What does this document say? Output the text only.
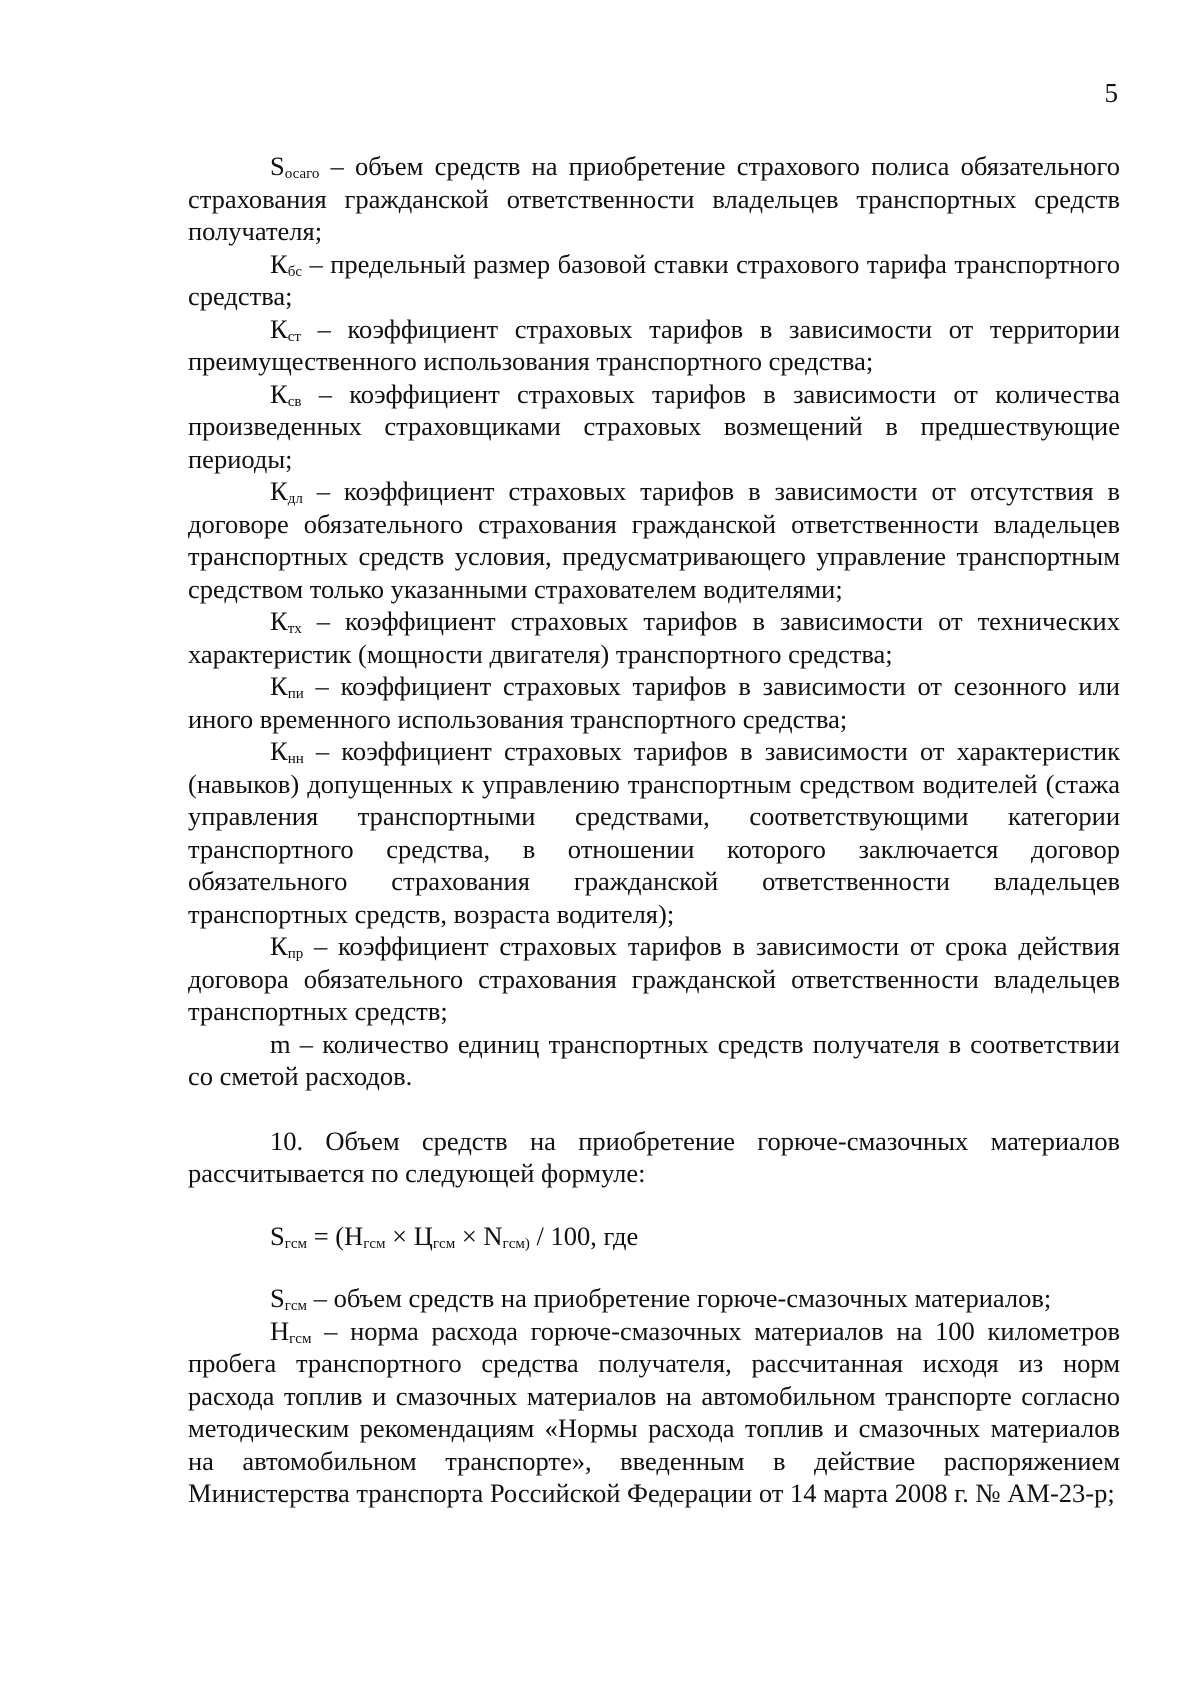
5

$S_{осаго}$ – объем средств на приобретение страхового полиса обязательного страхования гражданской ответственности владельцев транспортных средств получателя;

$К_{бс}$ – предельный размер базовой ставки страхового тарифа транспортного средства;

$К_{ст}$ – коэффициент страховых тарифов в зависимости от территории преимущественного использования транспортного средства;

$К_{св}$ – коэффициент страховых тарифов в зависимости от количества произведенных страховщиками страховых возмещений в предшествующие периоды;

$К_{дл}$ – коэффициент страховых тарифов в зависимости от отсутствия в договоре обязательного страхования гражданской ответственности владельцев транспортных средств условия, предусматривающего управление транспортным средством только указанными страхователем водителями;

$К_{тх}$ – коэффициент страховых тарифов в зависимости от технических характеристик (мощности двигателя) транспортного средства;

$К_{пи}$ – коэффициент страховых тарифов в зависимости от сезонного или иного временного использования транспортного средства;

$К_{нн}$ – коэффициент страховых тарифов в зависимости от характеристик (навыков) допущенных к управлению транспортным средством водителей (стажа управления транспортными средствами, соответствующими категории транспортного средства, в отношении которого заключается договор обязательного страхования гражданской ответственности владельцев транспортных средств, возраста водителя);

$К_{пр}$ – коэффициент страховых тарифов в зависимости от срока действия договора обязательного страхования гражданской ответственности владельцев транспортных средств;

m – количество единиц транспортных средств получателя в соответствии со сметой расходов.

10. Объем средств на приобретение горюче-смазочных материалов рассчитывается по следующей формуле:

$S_{гсм} = (Н_{гсм} \times Ц_{гсм} \times N_{гсм)} / 100$, где

$S_{гсм}$ – объем средств на приобретение горюче-смазочных материалов;

$Н_{гсм}$ – норма расхода горюче-смазочных материалов на 100 километров пробега транспортного средства получателя, рассчитанная исходя из норм расхода топлив и смазочных материалов на автомобильном транспорте согласно методическим рекомендациям «Нормы расхода топлив и смазочных материалов на автомобильном транспорте», введенным в действие распоряжением Министерства транспорта Российской Федерации от 14 марта 2008 г. № АМ-23-р;
